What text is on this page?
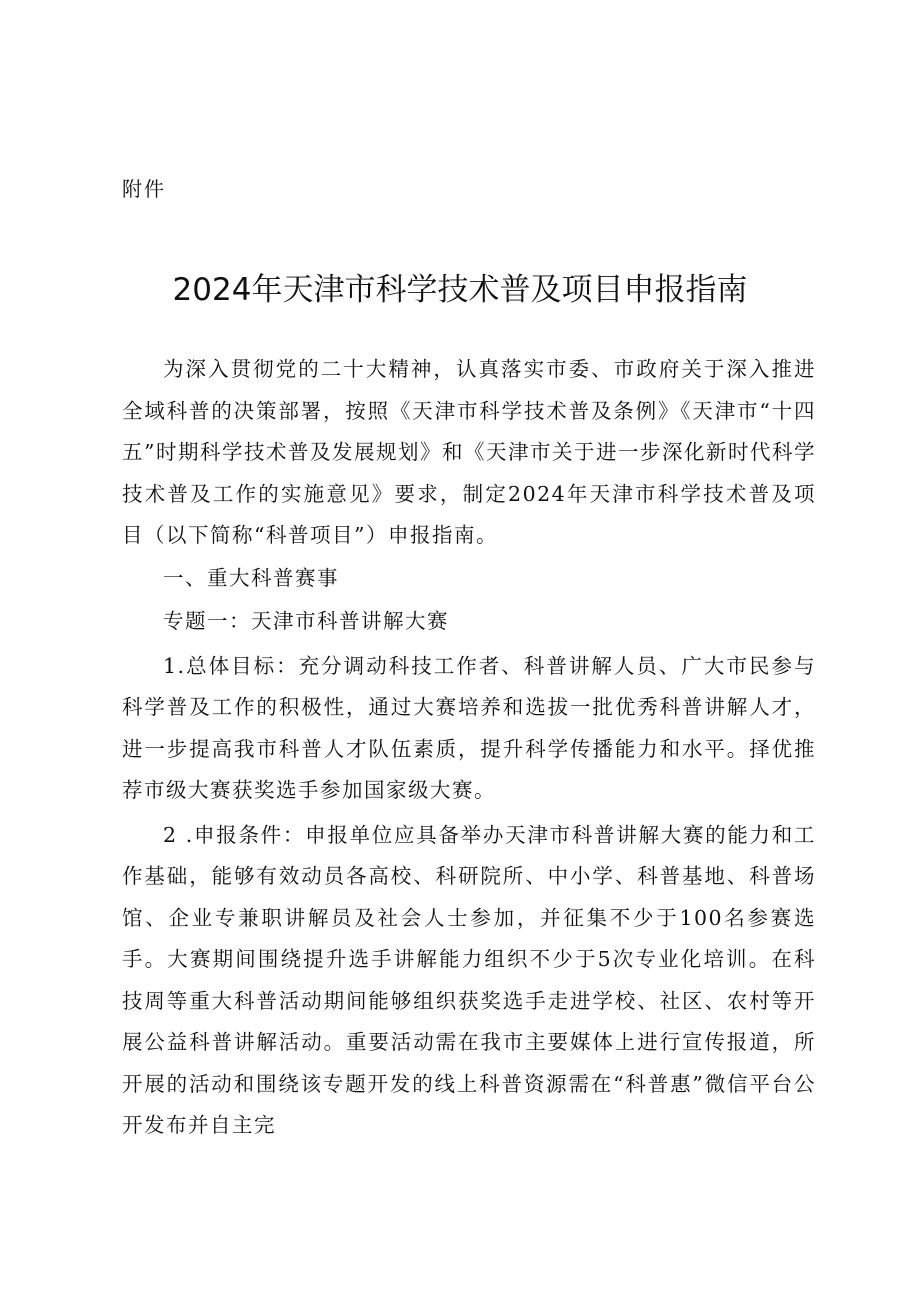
附件
2024年天津市科学技术普及项目申报指南

为深入贯彻党的二十大精神，认真落实市委、市政府关于深入推进全域科普的决策部署，按照《天津市科学技术普及条例》《天津市“十四五”时期科学技术普及发展规划》和《天津市关于进一步深化新时代科学技术普及工作的实施意见》要求，制定2024年天津市科学技术普及项目（以下简称“科普项目”）申报指南。

一、重大科普赛事

专题一：天津市科普讲解大赛

1.总体目标：充分调动科技工作者、科普讲解人员、广大市民参与科学普及工作的积极性，通过大赛培养和选拔一批优秀科普讲解人才，进一步提高我市科普人才队伍素质，提升科学传播能力和水平。择优推荐市级大赛获奖选手参加国家级大赛。

2 .申报条件：申报单位应具备举办天津市科普讲解大赛的能力和工作基础，能够有效动员各高校、科研院所、中小学、科普基地、科普场馆、企业专兼职讲解员及社会人士参加，并征集不少于100名参赛选手。大赛期间围绕提升选手讲解能力组织不少于5次专业化培训。在科技周等重大科普活动期间能够组织获奖选手走进学校、社区、农村等开展公益科普讲解活动。重要活动需在我市主要媒体上进行宣传报道，所开展的活动和围绕该专题开发的线上科普资源需在“科普惠”微信平台公开发布并自主完
